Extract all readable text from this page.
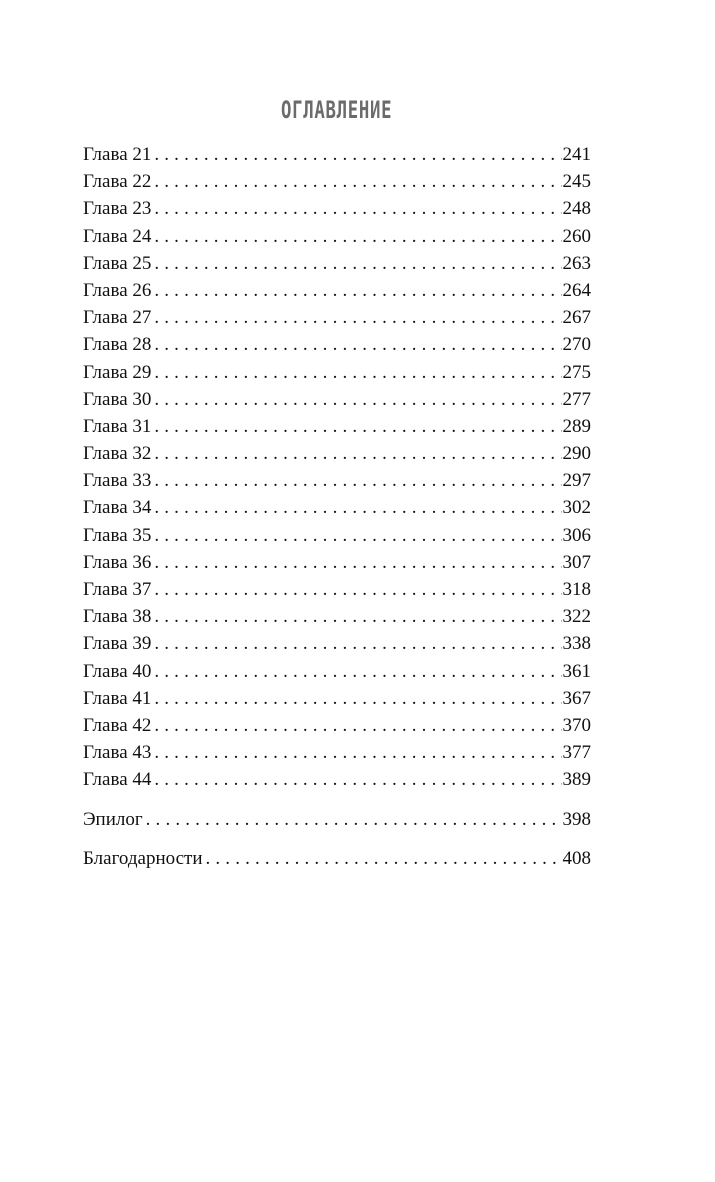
ОГЛАВЛЕНИЕ
Глава 21 . . .	241
Глава 22 . . .	245
Глава 23 . . .	248
Глава 24 . . .	260
Глава 25 . . .	263
Глава 26 . . .	264
Глава 27 . . .	267
Глава 28 . . .	270
Глава 29 . . .	275
Глава 30 . . .	277
Глава 31 . . .	289
Глава 32 . . .	290
Глава 33 . . .	297
Глава 34 . . .	302
Глава 35 . . .	306
Глава 36 . . .	307
Глава 37 . . .	318
Глава 38 . . .	322
Глава 39 . . .	338
Глава 40 . . .	361
Глава 41 . . .	367
Глава 42 . . .	370
Глава 43 . . .	377
Глава 44 . . .	389
Эпилог . . .	398
Благодарности . . .	408
